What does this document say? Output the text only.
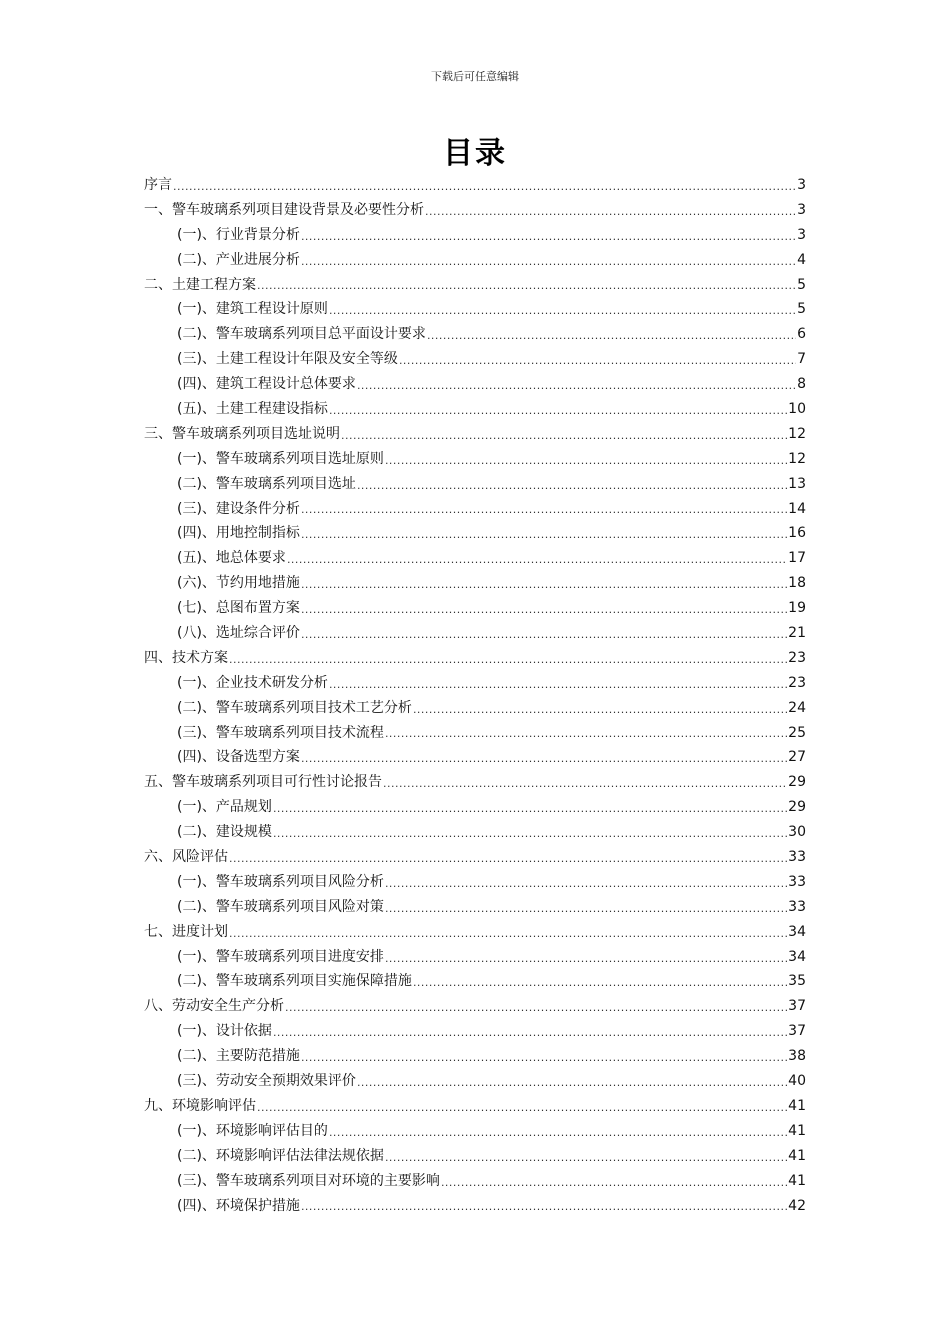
下载后可任意编辑
目录
序言 .....	3
一、警车玻璃系列项目建设背景及必要性分析 .....	3
(一)、行业背景分析 .....	3
(二)、产业进展分析 .....	4
二、土建工程方案 .....	5
(一)、建筑工程设计原则 .....	5
(二)、警车玻璃系列项目总平面设计要求 .....	6
(三)、土建工程设计年限及安全等级 .....	7
(四)、建筑工程设计总体要求 .....	8
(五)、土建工程建设指标 .....	10
三、警车玻璃系列项目选址说明 .....	12
(一)、警车玻璃系列项目选址原则 .....	12
(二)、警车玻璃系列项目选址 .....	13
(三)、建设条件分析 .....	14
(四)、用地控制指标 .....	16
(五)、地总体要求 .....	17
(六)、节约用地措施 .....	18
(七)、总图布置方案 .....	19
(八)、选址综合评价 .....	21
四、技术方案 .....	23
(一)、企业技术研发分析 .....	23
(二)、警车玻璃系列项目技术工艺分析 .....	24
(三)、警车玻璃系列项目技术流程 .....	25
(四)、设备选型方案 .....	27
五、警车玻璃系列项目可行性讨论报告 .....	29
(一)、产品规划 .....	29
(二)、建设规模 .....	30
六、风险评估 .....	33
(一)、警车玻璃系列项目风险分析 .....	33
(二)、警车玻璃系列项目风险对策 .....	33
七、进度计划 .....	34
(一)、警车玻璃系列项目进度安排 .....	34
(二)、警车玻璃系列项目实施保障措施 .....	35
八、劳动安全生产分析 .....	37
(一)、设计依据 .....	37
(二)、主要防范措施 .....	38
(三)、劳动安全预期效果评价 .....	40
九、环境影响评估 .....	41
(一)、环境影响评估目的 .....	41
(二)、环境影响评估法律法规依据 .....	41
(三)、警车玻璃系列项目对环境的主要影响 .....	41
(四)、环境保护措施 .....	42
